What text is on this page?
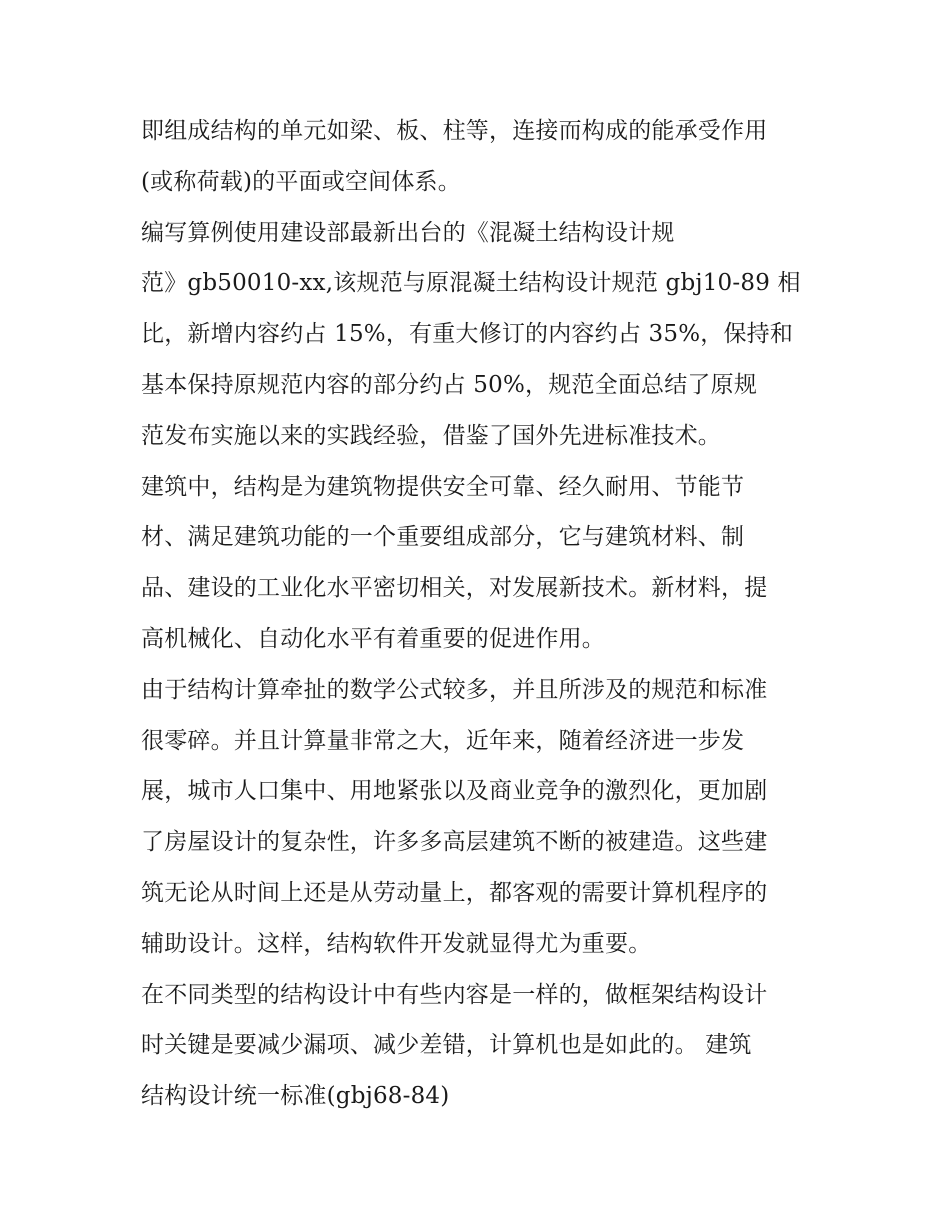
即组成结构的单元如梁、板、柱等，连接而构成的能承受作用
(或称荷载)的平面或空间体系。
编写算例使用建设部最新出台的《混凝土结构设计规
范》gb50010-xx,该规范与原混凝土结构设计规范 gbj10-89 相
比，新增内容约占 15%，有重大修订的内容约占 35%，保持和
基本保持原规范内容的部分约占 50%，规范全面总结了原规
范发布实施以来的实践经验，借鉴了国外先进标准技术。
建筑中，结构是为建筑物提供安全可靠、经久耐用、节能节
材、满足建筑功能的一个重要组成部分，它与建筑材料、制
品、建设的工业化水平密切相关，对发展新技术。新材料，提
高机械化、自动化水平有着重要的促进作用。
由于结构计算牵扯的数学公式较多，并且所涉及的规范和标准
很零碎。并且计算量非常之大，近年来，随着经济进一步发
展，城市人口集中、用地紧张以及商业竞争的激烈化，更加剧
了房屋设计的复杂性，许多多高层建筑不断的被建造。这些建
筑无论从时间上还是从劳动量上，都客观的需要计算机程序的
辅助设计。这样，结构软件开发就显得尤为重要。
在不同类型的结构设计中有些内容是一样的，做框架结构设计
时关键是要减少漏项、减少差错，计算机也是如此的。 建筑
结构设计统一标准(gbj68-84)
